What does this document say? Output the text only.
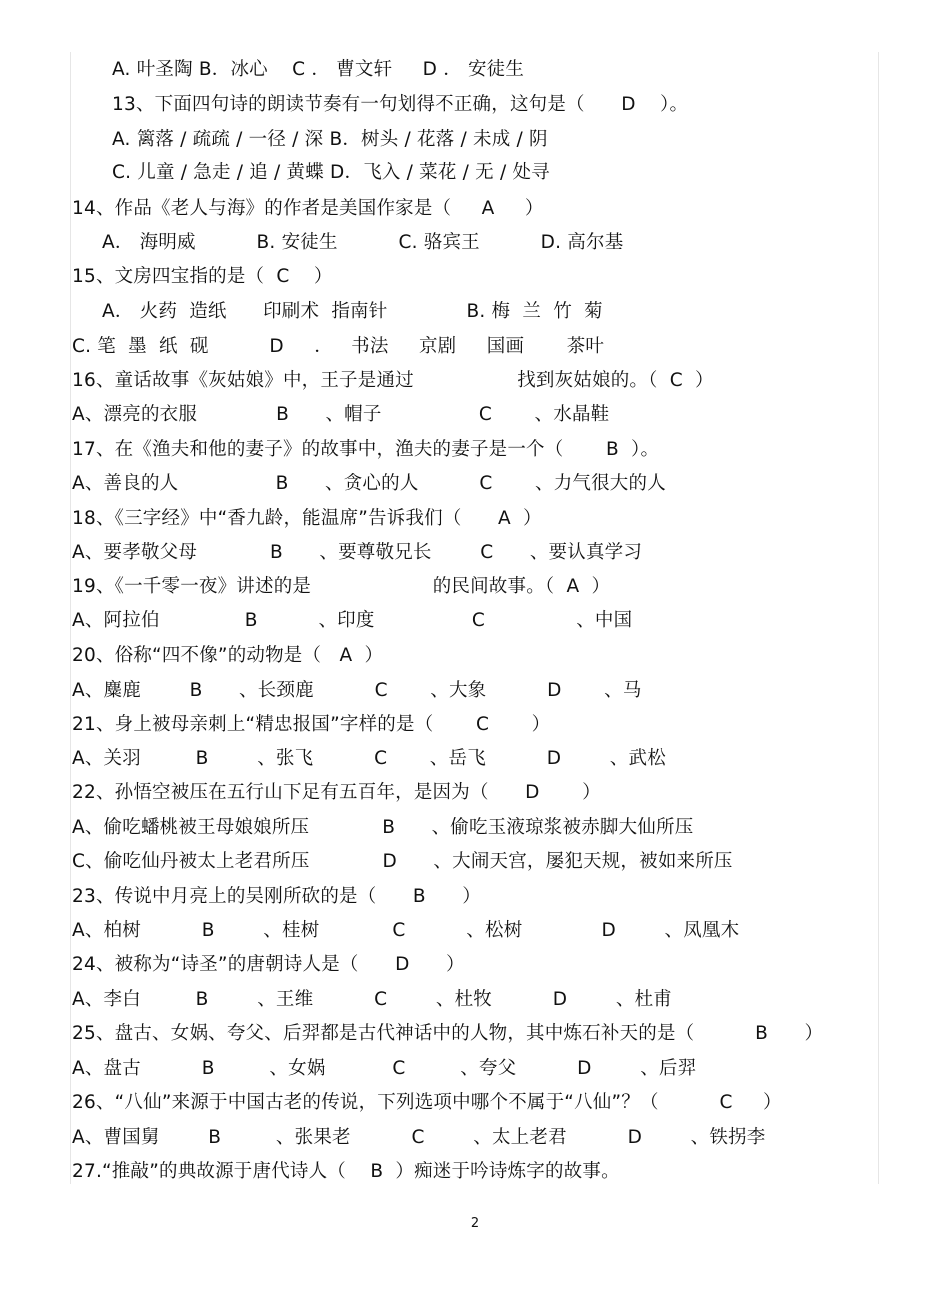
A. 叶圣陶 B．冰心    C ． 曹文轩     D ． 安徒生
13、下面四句诗的朗读节奏有一句划得不正确，这句是（      D    ）。
A. 篱落 / 疏疏 / 一径 / 深 B．树头 / 花落 / 未成 / 阴
C. 儿童 / 急走 / 追 / 黄蝶 D．飞入 / 菜花 / 无 / 处寻
14、作品《老人与海》的作者是美国作家是（     A     ）
A． 海明威          B. 安徒生          C. 骆宾王          D. 高尔基
15、文房四宝指的是（  C    ）
A． 火药  造纸      印刷术  指南针             B. 梅  兰  竹  菊
C. 笔  墨  纸  砚          D     ．   书法     京剧     国画       茶叶
16、童话故事《灰姑娘》中，王子是通过                 找到灰姑娘的。（  C  ）
A、漂亮的衣服             B      、帽子                C       、水晶鞋
17、在《渔夫和他的妻子》的故事中，渔夫的妻子是一个（       B  ）。
A、善良的人                B      、贪心的人          C       、力气很大的人
18、《三字经》中“香九龄，能温席”告诉我们（      A  ）
A、要孝敬父母            B      、要尊敬兄长        C      、要认真学习
19、《一千零一夜》讲述的是                    的民间故事。（  A  ）
A、阿拉伯              B          、印度                C               、中国
20、俗称“四不像”的动物是（   A  ）
A、麋鹿        B      、长颈鹿          C       、大象          D       、马
21、身上被母亲刺上“精忠报国”字样的是（       C       ）
A、关羽         B        、张飞          C       、岳飞          D        、武松
22、孙悟空被压在五行山下足有五百年，是因为（      D       ）
A、偷吃蟠桃被王母娘娘所压            B      、偷吃玉液琼浆被赤脚大仙所压
C、偷吃仙丹被太上老君所压            D      、大闹天宫，屡犯天规，被如来所压
23、传说中月亮上的吴刚所砍的是（      B      ）
A、柏树          B        、桂树            C          、松树             D        、凤凰木
24、被称为“诗圣”的唐朝诗人是（      D      ）
A、李白         B        、王维          C        、杜牧          D        、杜甫
25、盘古、女娲、夸父、后羿都是古代神话中的人物，其中炼石补天的是（          B      ）
A、盘古          B         、女娲           C         、夸父          D        、后羿
26、“八仙”来源于中国古老的传说，下列选项中哪个不属于“八仙”？（          C     ）
A、曹国舅        B         、张果老          C        、太上老君          D        、铁拐李
27.“推敲”的典故源于唐代诗人（    B  ）痴迷于吟诗炼字的故事。
2
